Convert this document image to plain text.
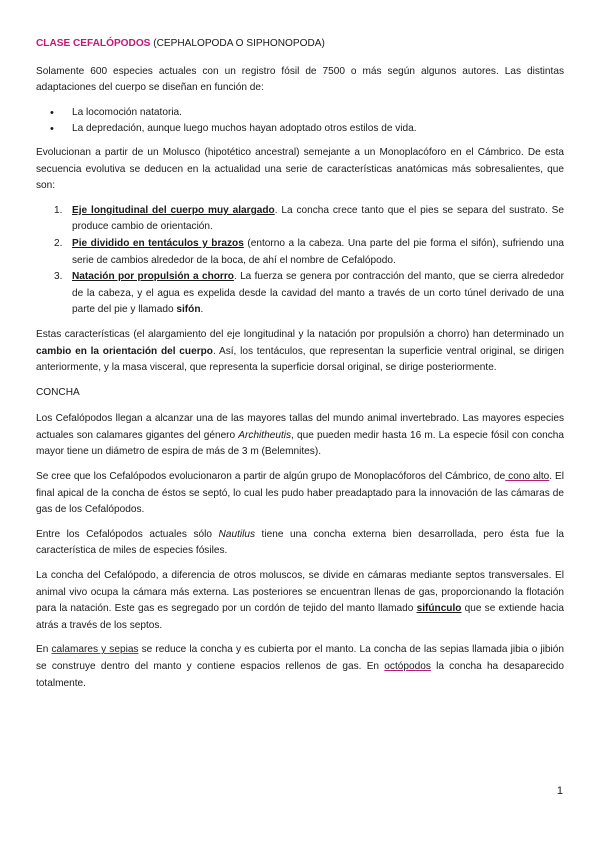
CLASE CEFALÓPODOS (CEPHALOPODA O SIPHONOPODA)

Solamente 600 especies actuales con un registro fósil de 7500 o más según algunos autores. Las distintas adaptaciones del cuerpo se diseñan en función de:

• La locomoción natatoria.
• La depredación, aunque luego muchos hayan adoptado otros estilos de vida.

Evolucionan a partir de un Molusco (hipotético ancestral) semejante a un Monoplacóforo en el Cámbrico. De esta secuencia evolutiva se deducen en la actualidad una serie de características anatómicas más sobresalientes, que son:

1. Eje longitudinal del cuerpo muy alargado. La concha crece tanto que el pies se separa del sustrato. Se produce cambio de orientación.
2. Pie dividido en tentáculos y brazos (entorno a la cabeza. Una parte del pie forma el sifón), sufriendo una serie de cambios alrededor de la boca, de ahí el nombre de Cefalópodo.
3. Natación por propulsión a chorro. La fuerza se genera por contracción del manto, que se cierra alrededor de la cabeza, y el agua es expelida desde la cavidad del manto a través de un corto túnel derivado de una parte del pie y llamado sifón.

Estas características (el alargamiento del eje longitudinal y la natación por propulsión a chorro) han determinado un cambio en la orientación del cuerpo. Así, los tentáculos, que representan la superficie ventral original, se dirigen anteriormente, y la masa visceral, que representa la superficie dorsal original, se dirige posteriormente.

CONCHA

Los Cefalópodos llegan a alcanzar una de las mayores tallas del mundo animal invertebrado. Las mayores especies actuales son calamares gigantes del género Architheutis, que pueden medir hasta 16 m. La especie fósil con concha mayor tiene un diámetro de espira de más de 3 m (Belemnites).

Se cree que los Cefalópodos evolucionaron a partir de algún grupo de Monoplacóforos del Cámbrico, de cono alto. El final apical de la concha de éstos se septó, lo cual les pudo haber preadaptado para la innovación de las cámaras de gas de los Cefalópodos.

Entre los Cefalópodos actuales sólo Nautilus tiene una concha externa bien desarrollada, pero ésta fue la característica de miles de especies fósiles.

La concha del Cefalópodo, a diferencia de otros moluscos, se divide en cámaras mediante septos transversales. El animal vivo ocupa la cámara más externa. Las posteriores se encuentran llenas de gas, proporcionando la flotación para la natación. Este gas es segregado por un cordón de tejido del manto llamado sifúnculo que se extiende hacia atrás a través de los septos.

En calamares y sepias se reduce la concha y es cubierta por el manto. La concha de las sepias llamada jibia o jibión se construye dentro del manto y contiene espacios rellenos de gas. En octópodos la concha ha desaparecido totalmente.

1
